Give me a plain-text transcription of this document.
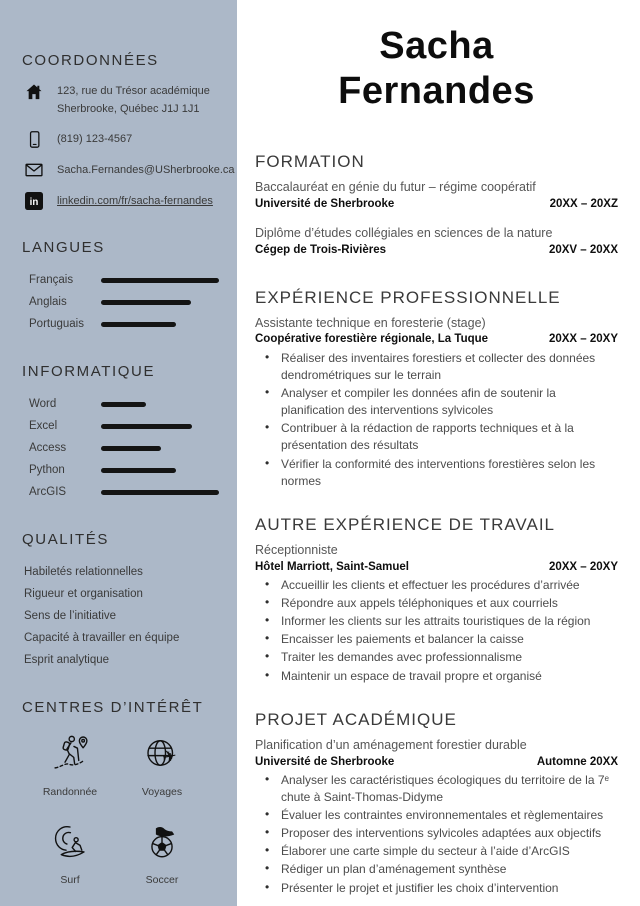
COORDONNÉES
123, rue du Trésor académique
Sherbrooke, Québec J1J 1J1
(819) 123-4567
Sacha.Fernandes@USherbrooke.ca
in linkedin.com/fr/sacha-fernandes
LANGUES
Français
Anglais
Portuguais
INFORMATIQUE
Word
Excel
Access
Python
ArcGIS
QUALITÉS
Habiletés relationnelles
Rigueur et organisation
Sens de l’initiative
Capacité à travailler en équipe
Esprit analytique
CENTRES D’INTÉRÊT
Randonnée
✈
Voyages
Surf	Soccer
Sacha
Fernandes
FORMATION
Baccalauréat en génie du futur – régime coopératif
Université de Sherbrooke	20XX – 20XZ
Diplôme d’études collégiales en sciences de la nature
Cégep de Trois-Rivières	20XV – 20XX
EXPÉRIENCE PROFESSIONNELLE
Assistante technique en foresterie (stage)
Coopérative forestière régionale, La Tuque	20XX – 20XY
• Réaliser des inventaires forestiers et collecter des données dendrométriques sur le terrain
• Analyser et compiler les données afin de soutenir la planification des interventions sylvicoles
• Contribuer à la rédaction de rapports techniques et à la présentation des résultats
• Vérifier la conformité des interventions forestières selon les normes
AUTRE EXPÉRIENCE DE TRAVAIL
Réceptionniste
Hôtel Marriott, Saint-Samuel	20XX – 20XY
• Accueillir les clients et effectuer les procédures d’arrivée
• Répondre aux appels téléphoniques et aux courriels
• Informer les clients sur les attraits touristiques de la région
• Encaisser les paiements et balancer la caisse
• Traiter les demandes avec professionnalisme
• Maintenir un espace de travail propre et organisé
PROJET ACADÉMIQUE
Planification d’un aménagement forestier durable
Université de Sherbrooke	Automne 20XX
• Analyser les caractéristiques écologiques du territoire de la 7ᵉ chute à Saint-Thomas-Didyme
• Évaluer les contraintes environnementales et règlementaires
• Proposer des interventions sylvicoles adaptées aux objectifs
• Élaborer une carte simple du secteur à l’aide d’ArcGIS
• Rédiger un plan d’aménagement synthèse
• Présenter le projet et justifier les choix d’intervention
